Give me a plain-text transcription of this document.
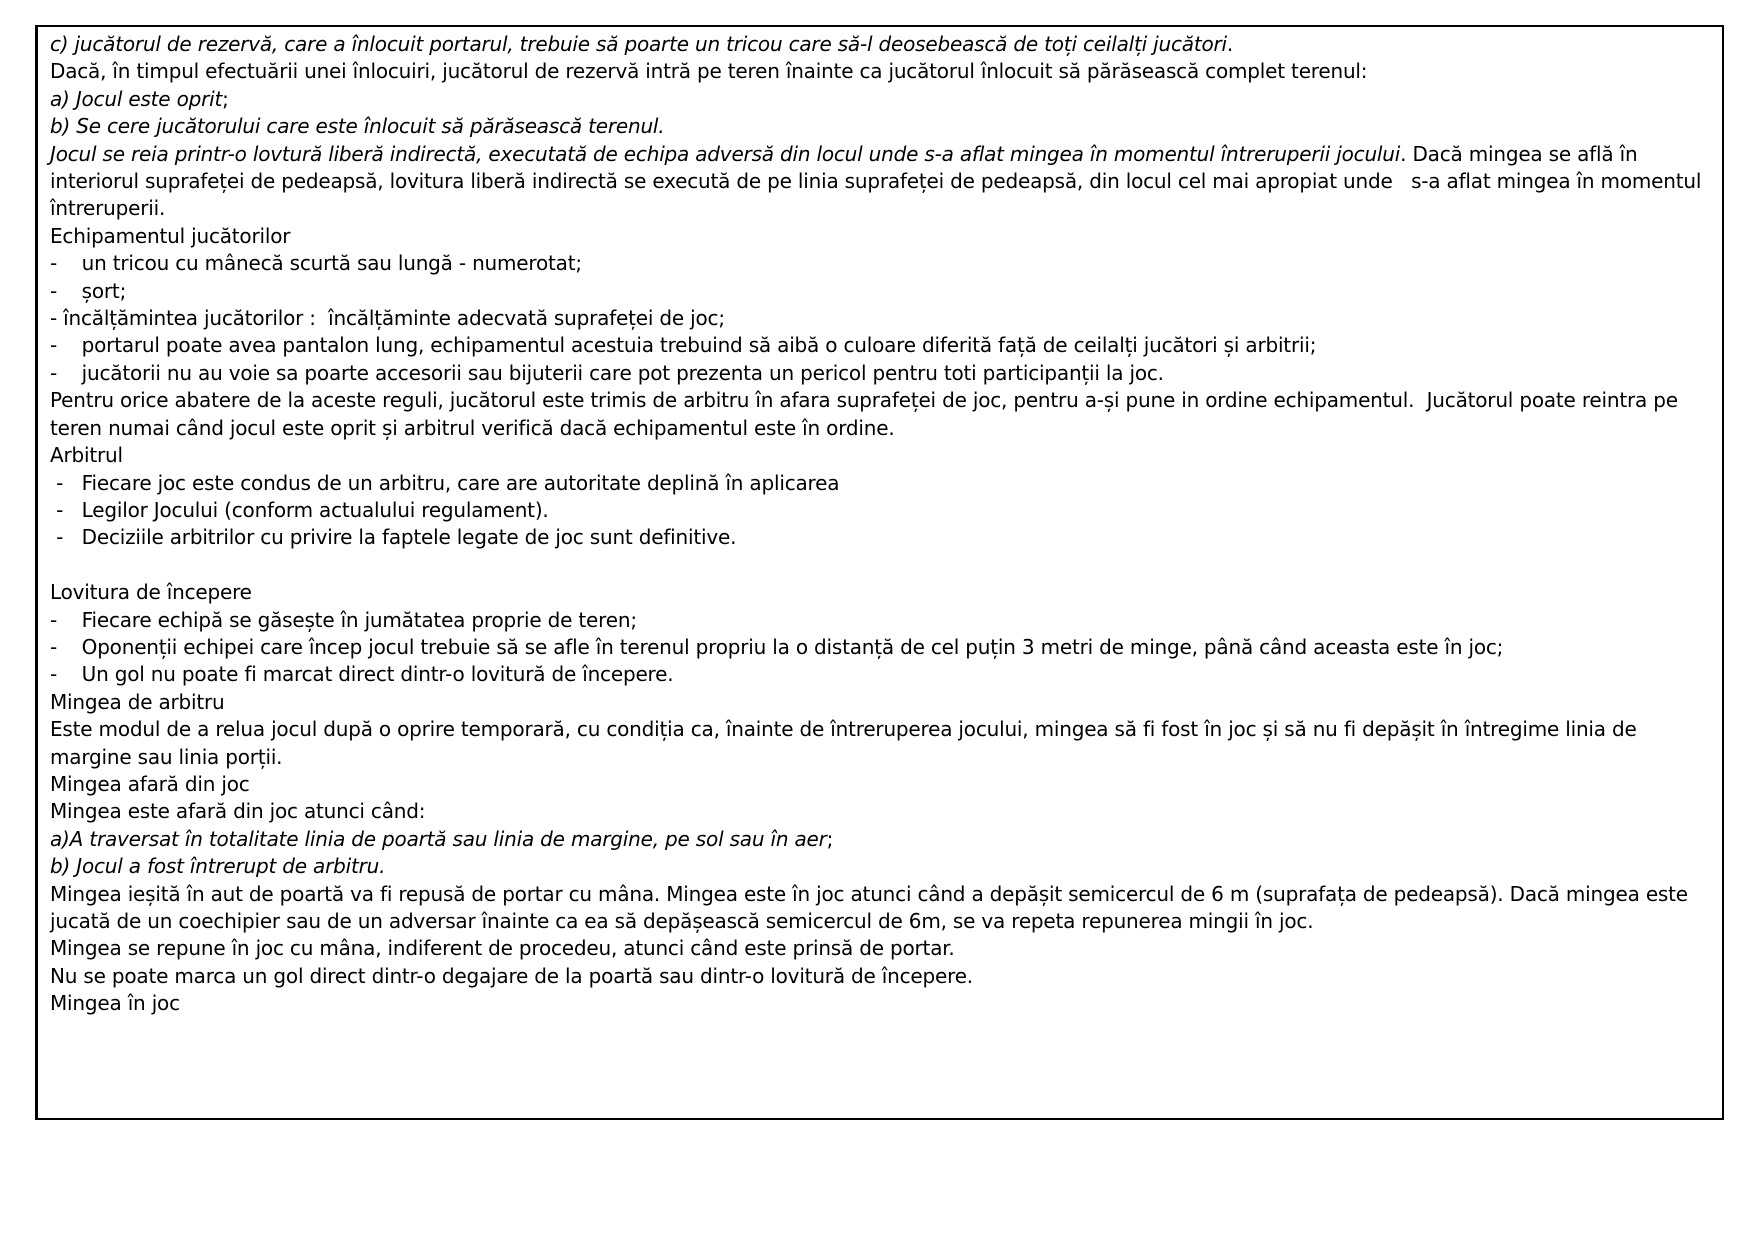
c) jucătorul de rezervă, care a înlocuit portarul, trebuie să poarte un tricou care să-l deosebească de toți ceilalți jucători.

Dacă, în timpul efectuării unei înlocuiri, jucătorul de rezervă intră pe teren înainte ca jucătorul înlocuit să părăsească complet terenul:

a) Jocul este oprit;

b) Se cere jucătorului care este înlocuit să părăsească terenul.

Jocul se reia printr-o lovtură liberă indirectă, executată de echipa adversă din locul unde s-a aflat mingea în momentul întreruperii jocului. Dacă mingea se află în interiorul suprafeței de pedeapsă, lovitura liberă indirectă se execută de pe linia suprafeței de pedeapsă, din locul cel mai apropiat unde   s-a aflat mingea în momentul întreruperii.

Echipamentul jucătorilor

-    un tricou cu mânecă scurtă sau lungă - numerotat;

-    șort;

- încălțămintea jucătorilor :  încălțăminte adecvată suprafeței de joc;

-    portarul poate avea pantalon lung, echipamentul acestuia trebuind să aibă o culoare diferită față de ceilalți jucători și arbitrii;

-    jucătorii nu au voie sa poarte accesorii sau bijuterii care pot prezenta un pericol pentru toti participanții la joc.

Pentru orice abatere de la aceste reguli, jucătorul este trimis de arbitru în afara suprafeței de joc, pentru a-și pune in ordine echipamentul.  Jucătorul poate reintra pe teren numai când jocul este oprit și arbitrul verifică dacă echipamentul este în ordine.

Arbitrul

-   Fiecare joc este condus de un arbitru, care are autoritate deplină în aplicarea

-   Legilor Jocului (conform actualului regulament).

-   Deciziile arbitrilor cu privire la faptele legate de joc sunt definitive.

Lovitura de începere

-    Fiecare echipă se găsește în jumătatea proprie de teren;

-    Oponenții echipei care încep jocul trebuie să se afle în terenul propriu la o distanță de cel puțin 3 metri de minge, până când aceasta este în joc;

-    Un gol nu poate fi marcat direct dintr-o lovitură de începere.

Mingea de arbitru

Este modul de a relua jocul după o oprire temporară, cu condiția ca, înainte de întreruperea jocului, mingea să fi fost în joc și să nu fi depășit în întregime linia de margine sau linia porții.

Mingea afară din joc

Mingea este afară din joc atunci când:

a)A traversat în totalitate linia de poartă sau linia de margine, pe sol sau în aer;

b) Jocul a fost întrerupt de arbitru.

Mingea ieșită în aut de poartă va fi repusă de portar cu mâna. Mingea este în joc atunci când a depășit semicercul de 6 m (suprafața de pedeapsă). Dacă mingea este jucată de un coechipier sau de un adversar înainte ca ea să depășească semicercul de 6m, se va repeta repunerea mingii în joc.

Mingea se repune în joc cu mâna, indiferent de procedeu, atunci când este prinsă de portar.

Nu se poate marca un gol direct dintr-o degajare de la poartă sau dintr-o lovitură de începere.

Mingea în joc
